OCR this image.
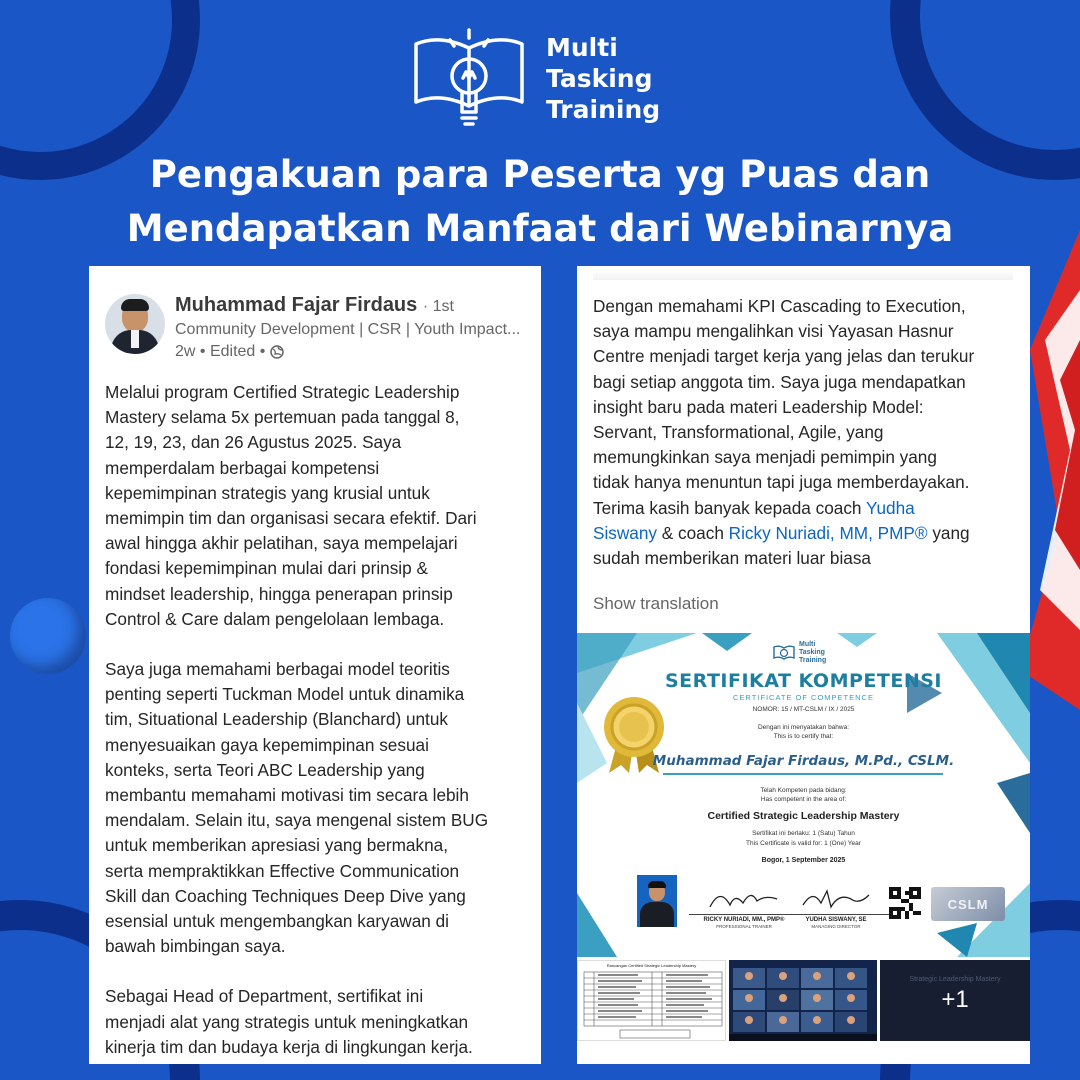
Multi
Tasking
Training
Pengakuan para Peserta yg Puas dan
Mendapatkan Manfaat dari Webinarnya
Muhammad Fajar Firdaus · 1st
Community Development | CSR | Youth Impact...
2w • Edited •

Melalui program Certified Strategic Leadership
Mastery selama 5x pertemuan pada tanggal 8,
12, 19, 23, dan 26 Agustus 2025. Saya
memperdalam berbagai kompetensi
kepemimpinan strategis yang krusial untuk
memimpin tim dan organisasi secara efektif. Dari
awal hingga akhir pelatihan, saya mempelajari
fondasi kepemimpinan mulai dari prinsip &
mindset leadership, hingga penerapan prinsip
Control & Care dalam pengelolaan lembaga.

Saya juga memahami berbagai model teoritis
penting seperti Tuckman Model untuk dinamika
tim, Situational Leadership (Blanchard) untuk
menyesuaikan gaya kepemimpinan sesuai
konteks, serta Teori ABC Leadership yang
membantu memahami motivasi tim secara lebih
mendalam. Selain itu, saya mengenal sistem BUG
untuk memberikan apresiasi yang bermakna,
serta mempraktikkan Effective Communication
Skill dan Coaching Techniques Deep Dive yang
esensial untuk mengembangkan karyawan di
bawah bimbingan saya.

Sebagai Head of Department, sertifikat ini
menjadi alat yang strategis untuk meningkatkan
kinerja tim dan budaya kerja di lingkungan kerja.

Dengan memahami KPI Cascading to Execution,
saya mampu mengalihkan visi Yayasan Hasnur
Centre menjadi target kerja yang jelas dan terukur
bagi setiap anggota tim. Saya juga mendapatkan
insight baru pada materi Leadership Model:
Servant, Transformational, Agile, yang
memungkinkan saya menjadi pemimpin yang
tidak hanya menuntun tapi juga memberdayakan.
Terima kasih banyak kepada coach Yudha
Siswany & coach Ricky Nuriadi, MM, PMP® yang
sudah memberikan materi luar biasa
Show translation
Multi
Tasking
Training
SERTIFIKAT KOMPETENSI
CERTIFICATE OF COMPETENCE
NOMOR: 15 / MT-CSLM / IX / 2025
Dengan ini menyatakan bahwa:
This is to certify that:
Muhammad Fajar Firdaus, M.Pd., CSLM.
Telah Kompeten pada bidang:
Has competent in the area of:
Certified Strategic Leadership Mastery
Sertifikat ini berlaku: 1 (Satu) Tahun
This Certificate is valid for: 1 (One) Year
Bogor, 1 September 2025
RICKY NURIADI, MM., PMP®
PROFESSIONAL TRAINER
YUDHA SISWANY, SE
MANAGING DIRECTOR
CSLM
Rancangan Certified Strategic Leadership Mastery
+1
